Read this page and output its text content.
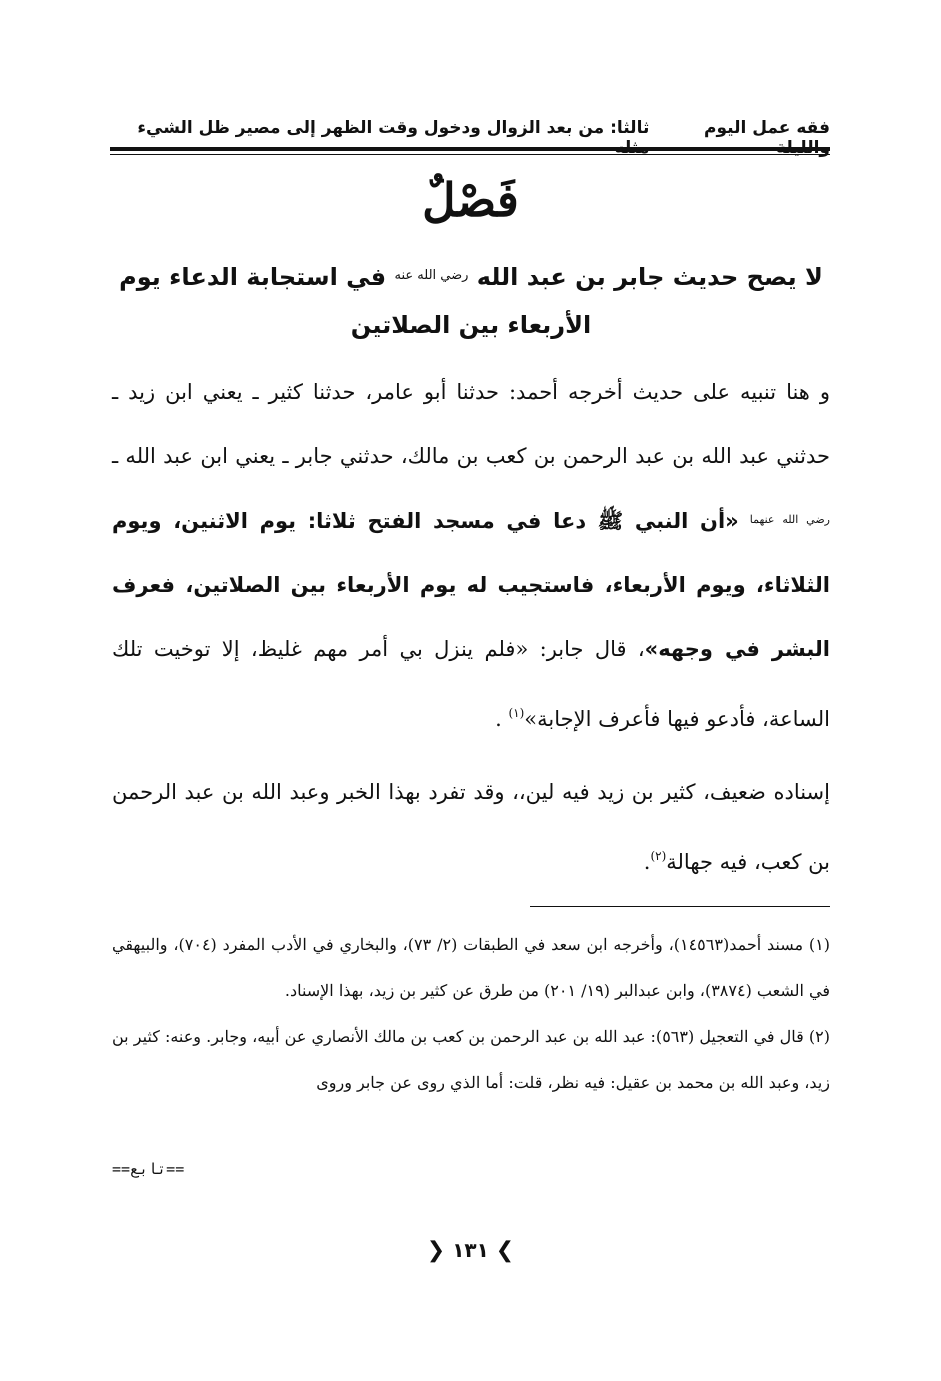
فقه عمل اليوم
ثالثا: من بعد الزوال ودخول وقت الظهر إلى مصير ظل الشيء
فَصْلٌ
لا يصح حديث جابر بن عبد الله $^{رضي الله عنه}$ في استجابة الدعاء يوم
الأربعاء بين الصلاتين

و هنا تنبيه على حديث أخرجه أحمد: حدثنا أبو عامر، حدثنا كثير ـ يعني ابن زيد ـ حدثني عبد الله بن عبد الرحمن بن كعب بن مالك، حدثني جابر ـ يعني ابن عبد الله ـ $^{رضي الله عنهما}$ «أن النبي ﷺ دعا في مسجد الفتح ثلاثا: يوم الاثنين، ويوم الثلاثاء، ويوم الأربعاء، فاستجيب له يوم الأربعاء بين الصلاتين، فعرف البشر في وجهه»، قال جابر: «فلم ينزل بي أمر مهم غليظ، إلا توخيت تلك الساعة، فأدعو فيها فأعرف الإجابة»$^{(١)}$ .

إسناده ضعيف، كثير بن زيد فيه لين،، وقد تفرد بهذا الخبر وعبد الله بن عبد الرحمن بن كعب، فيه جهالة$^{(٢)}$.

(١) مسند أحمد(١٤٥٦٣)، وأخرجه ابن سعد في الطبقات (٢/ ٧٣)، والبخاري في الأدب المفرد (٧٠٤)، والبيهقي في الشعب (٣٨٧٤)، وابن عبدالبر (١٩/ ٢٠١) من طرق عن كثير بن زيد، بهذا الإسناد.

(٢) قال في التعجيل (٥٦٣): عبد الله بن عبد الرحمن بن كعب بن مالك الأنصاري عن أبيه، وجابر. وعنه: كثير بن زيد، وعبد الله بن محمد بن عقيل: فيه نظر، قلت: أما الذي روى عن جابر وروى

==تابع==
❯ ١٣١ ❮
